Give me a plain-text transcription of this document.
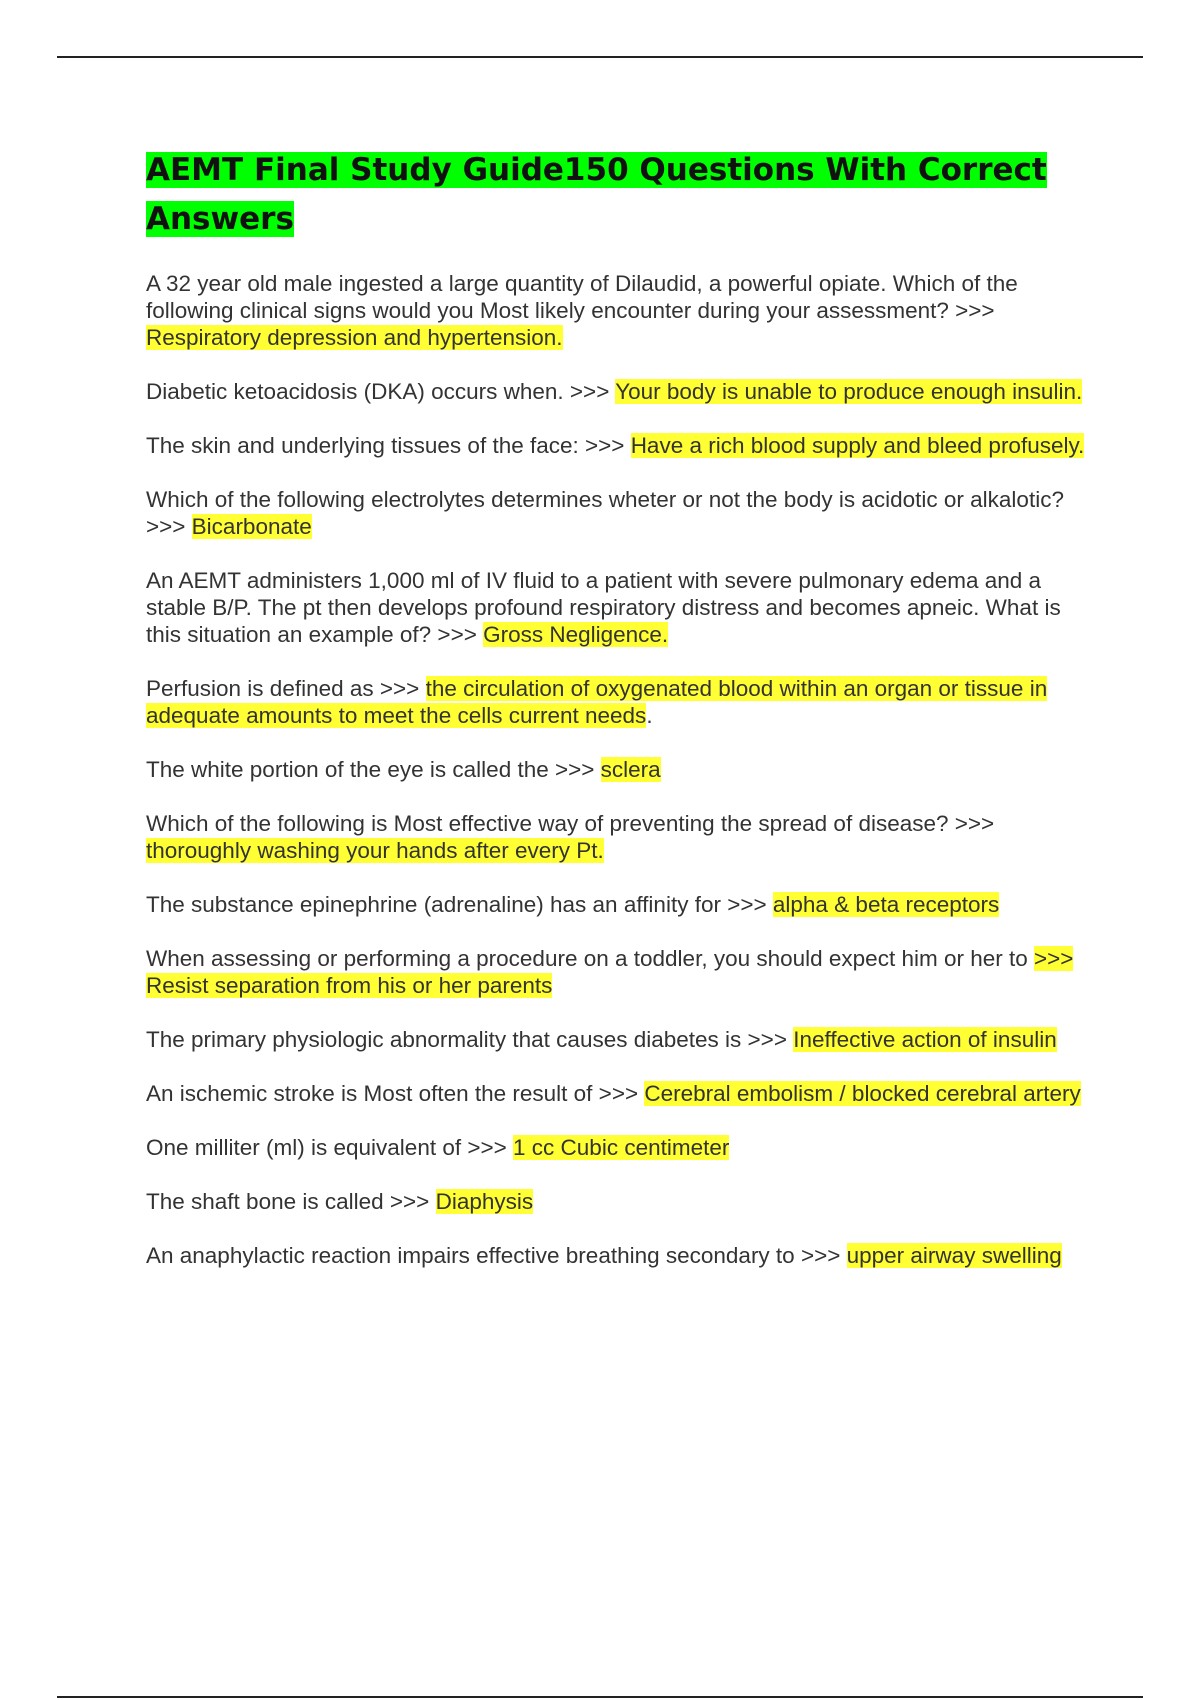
AEMT Final Study Guide150 Questions With Correct Answers

A 32 year old male ingested a large quantity of Dilaudid, a powerful opiate. Which of the following clinical signs would you Most likely encounter during your assessment? >>> Respiratory depression and hypertension.

Diabetic ketoacidosis (DKA) occurs when. >>> Your body is unable to produce enough insulin.

The skin and underlying tissues of the face: >>> Have a rich blood supply and bleed profusely.

Which of the following electrolytes determines wheter or not the body is acidotic or alkalotic? >>> Bicarbonate

An AEMT administers 1,000 ml of IV fluid to a patient with severe pulmonary edema and a stable B/P. The pt then develops profound respiratory distress and becomes apneic. What is this situation an example of? >>> Gross Negligence.

Perfusion is defined as >>> the circulation of oxygenated blood within an organ or tissue in adequate amounts to meet the cells current needs.

The white portion of the eye is called the >>> sclera

Which of the following is Most effective way of preventing the spread of disease? >>> thoroughly washing your hands after every Pt.

The substance epinephrine (adrenaline) has an affinity for >>> alpha & beta receptors

When assessing or performing a procedure on a toddler, you should expect him or her to >>> Resist separation from his or her parents

The primary physiologic abnormality that causes diabetes is >>> Ineffective action of insulin

An ischemic stroke is Most often the result of >>> Cerebral embolism / blocked cerebral artery

One milliter (ml) is equivalent of >>> 1 cc Cubic centimeter

The shaft bone is called >>> Diaphysis

An anaphylactic reaction impairs effective breathing secondary to >>> upper airway swelling
